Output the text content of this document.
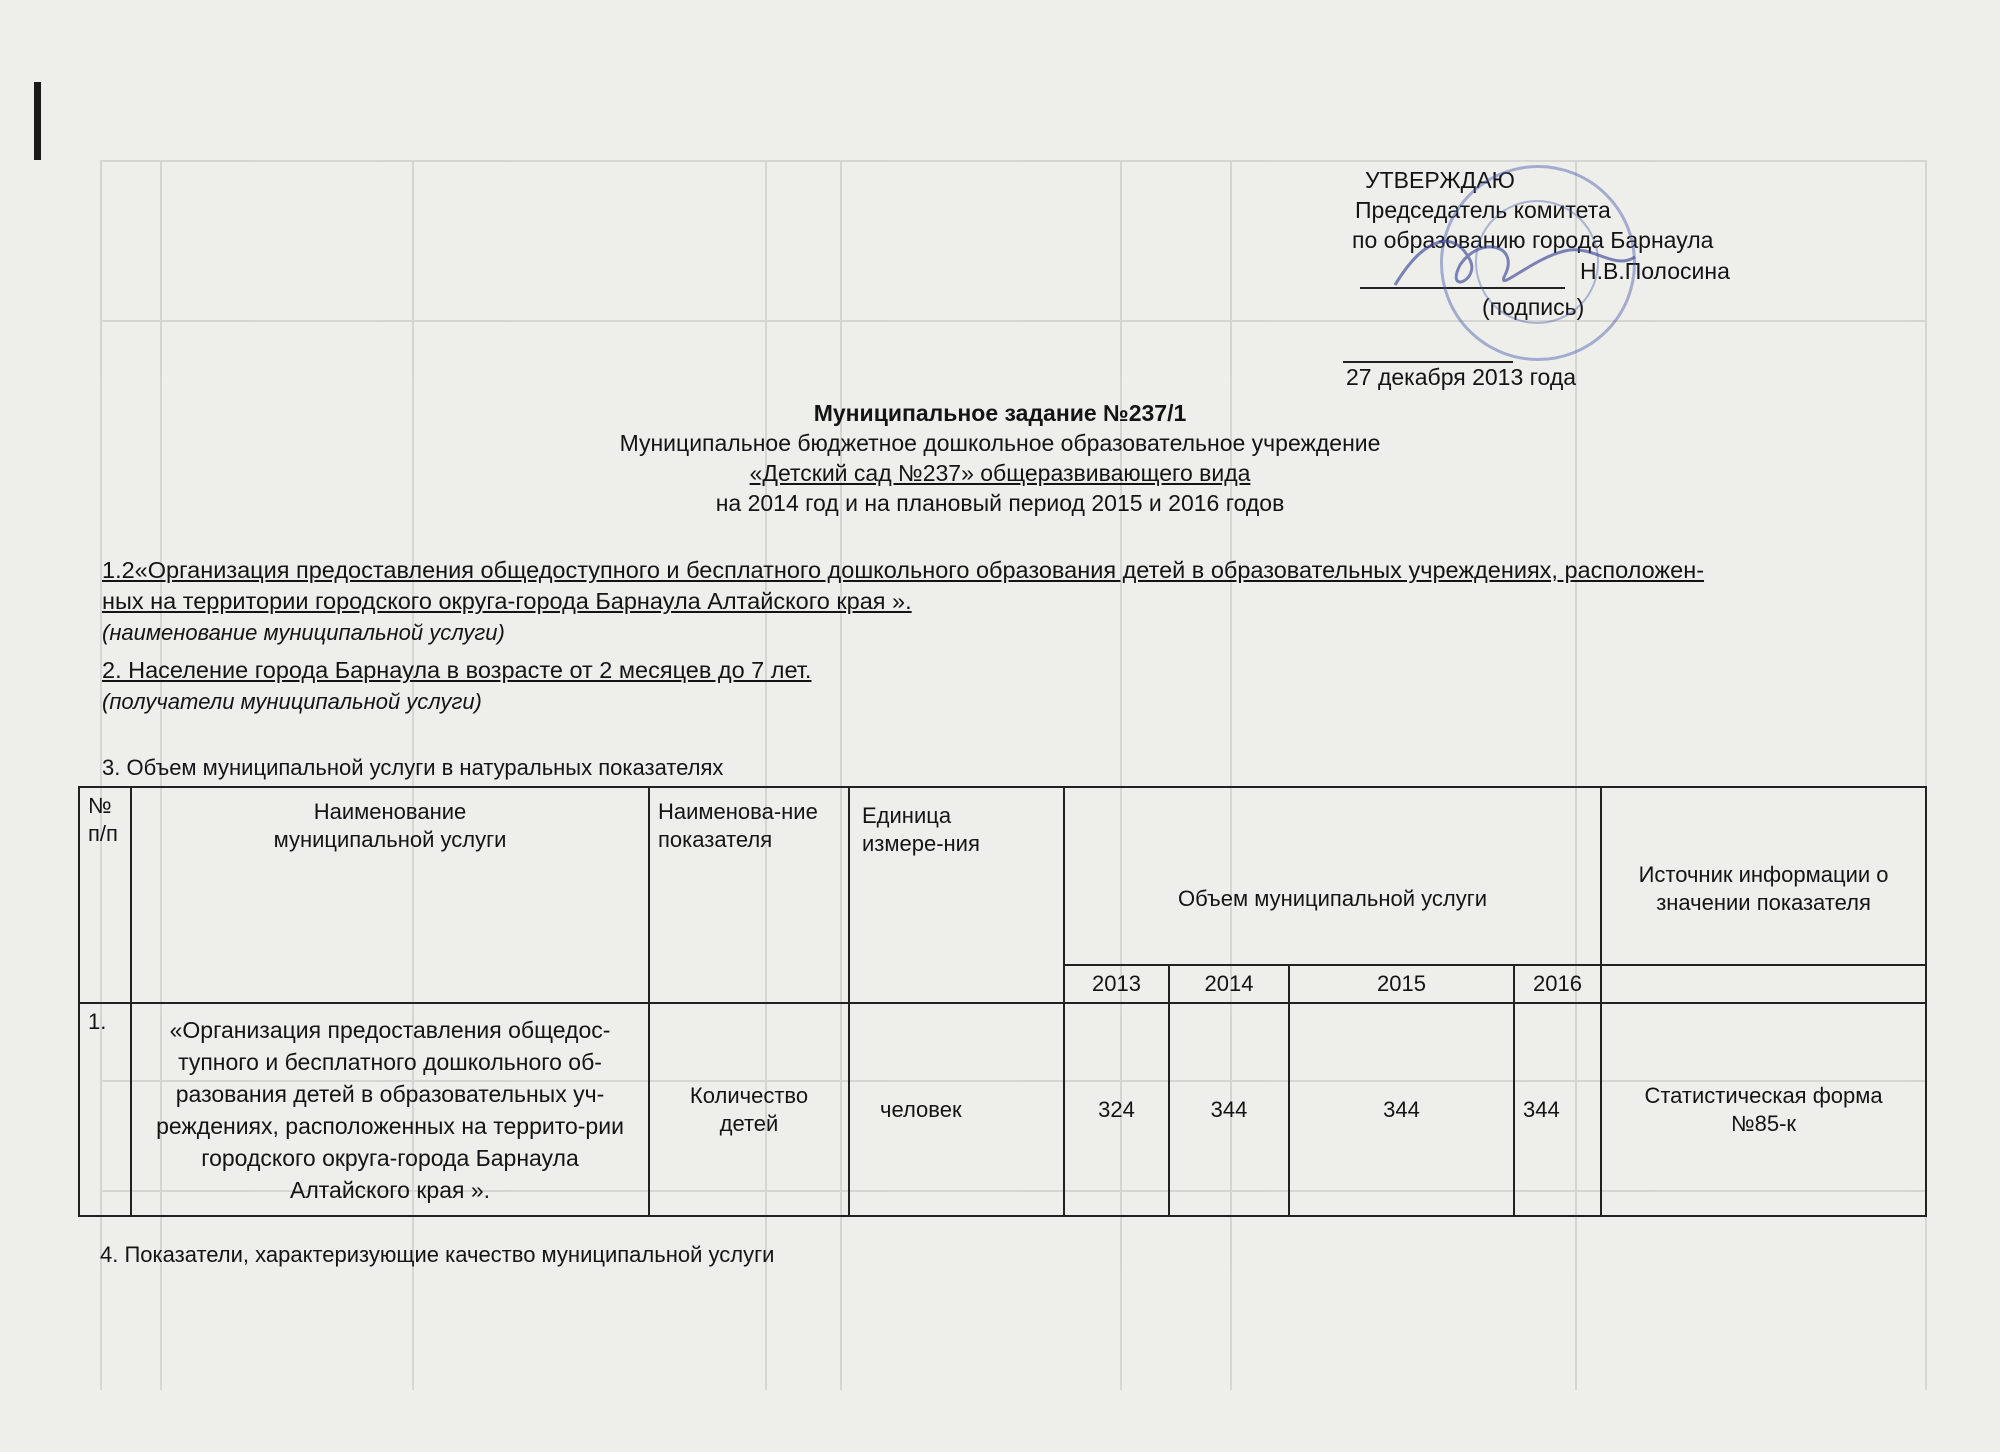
УТВЕРЖДАЮ
Председатель комитета
по образованию города Барнаула
Н.В.Полосина
(подпись)
27 декабря 2013 года
Муниципальное задание №237/1
Муниципальное бюджетное дошкольное образовательное учреждение
«Детский сад №237» общеразвивающего вида
на 2014 год и на плановый период 2015 и 2016 годов
1.2«Организация предоставления общедоступного и бесплатного дошкольного образования детей в образовательных учреждениях, расположен-
ных на территории городского округа-города Барнаула Алтайского края ».
(наименование муниципальной услуги)
2. Население города Барнаула в возрасте от 2 месяцев до 7 лет.
(получатели муниципальной услуги)
3. Объем муниципальной услуги в натуральных показателях
№ п/п	Наименование муниципальной услуги	Наименова-ние показателя	Единица измере-ния	Объем муниципальной услуги				Источник информации о значении показателя
				2013	2014	2015	2016	
1.	«Организация предоставления общедос-тупного и бесплатного дошкольного об- разования детей в образовательных уч-реждениях, расположенных на террито-рии городского округа-города Барнаула Алтайского края ».	Количество детей	человек	324	344	344	344	Статистическая форма №85-к
4. Показатели, характеризующие качество муниципальной услуги
